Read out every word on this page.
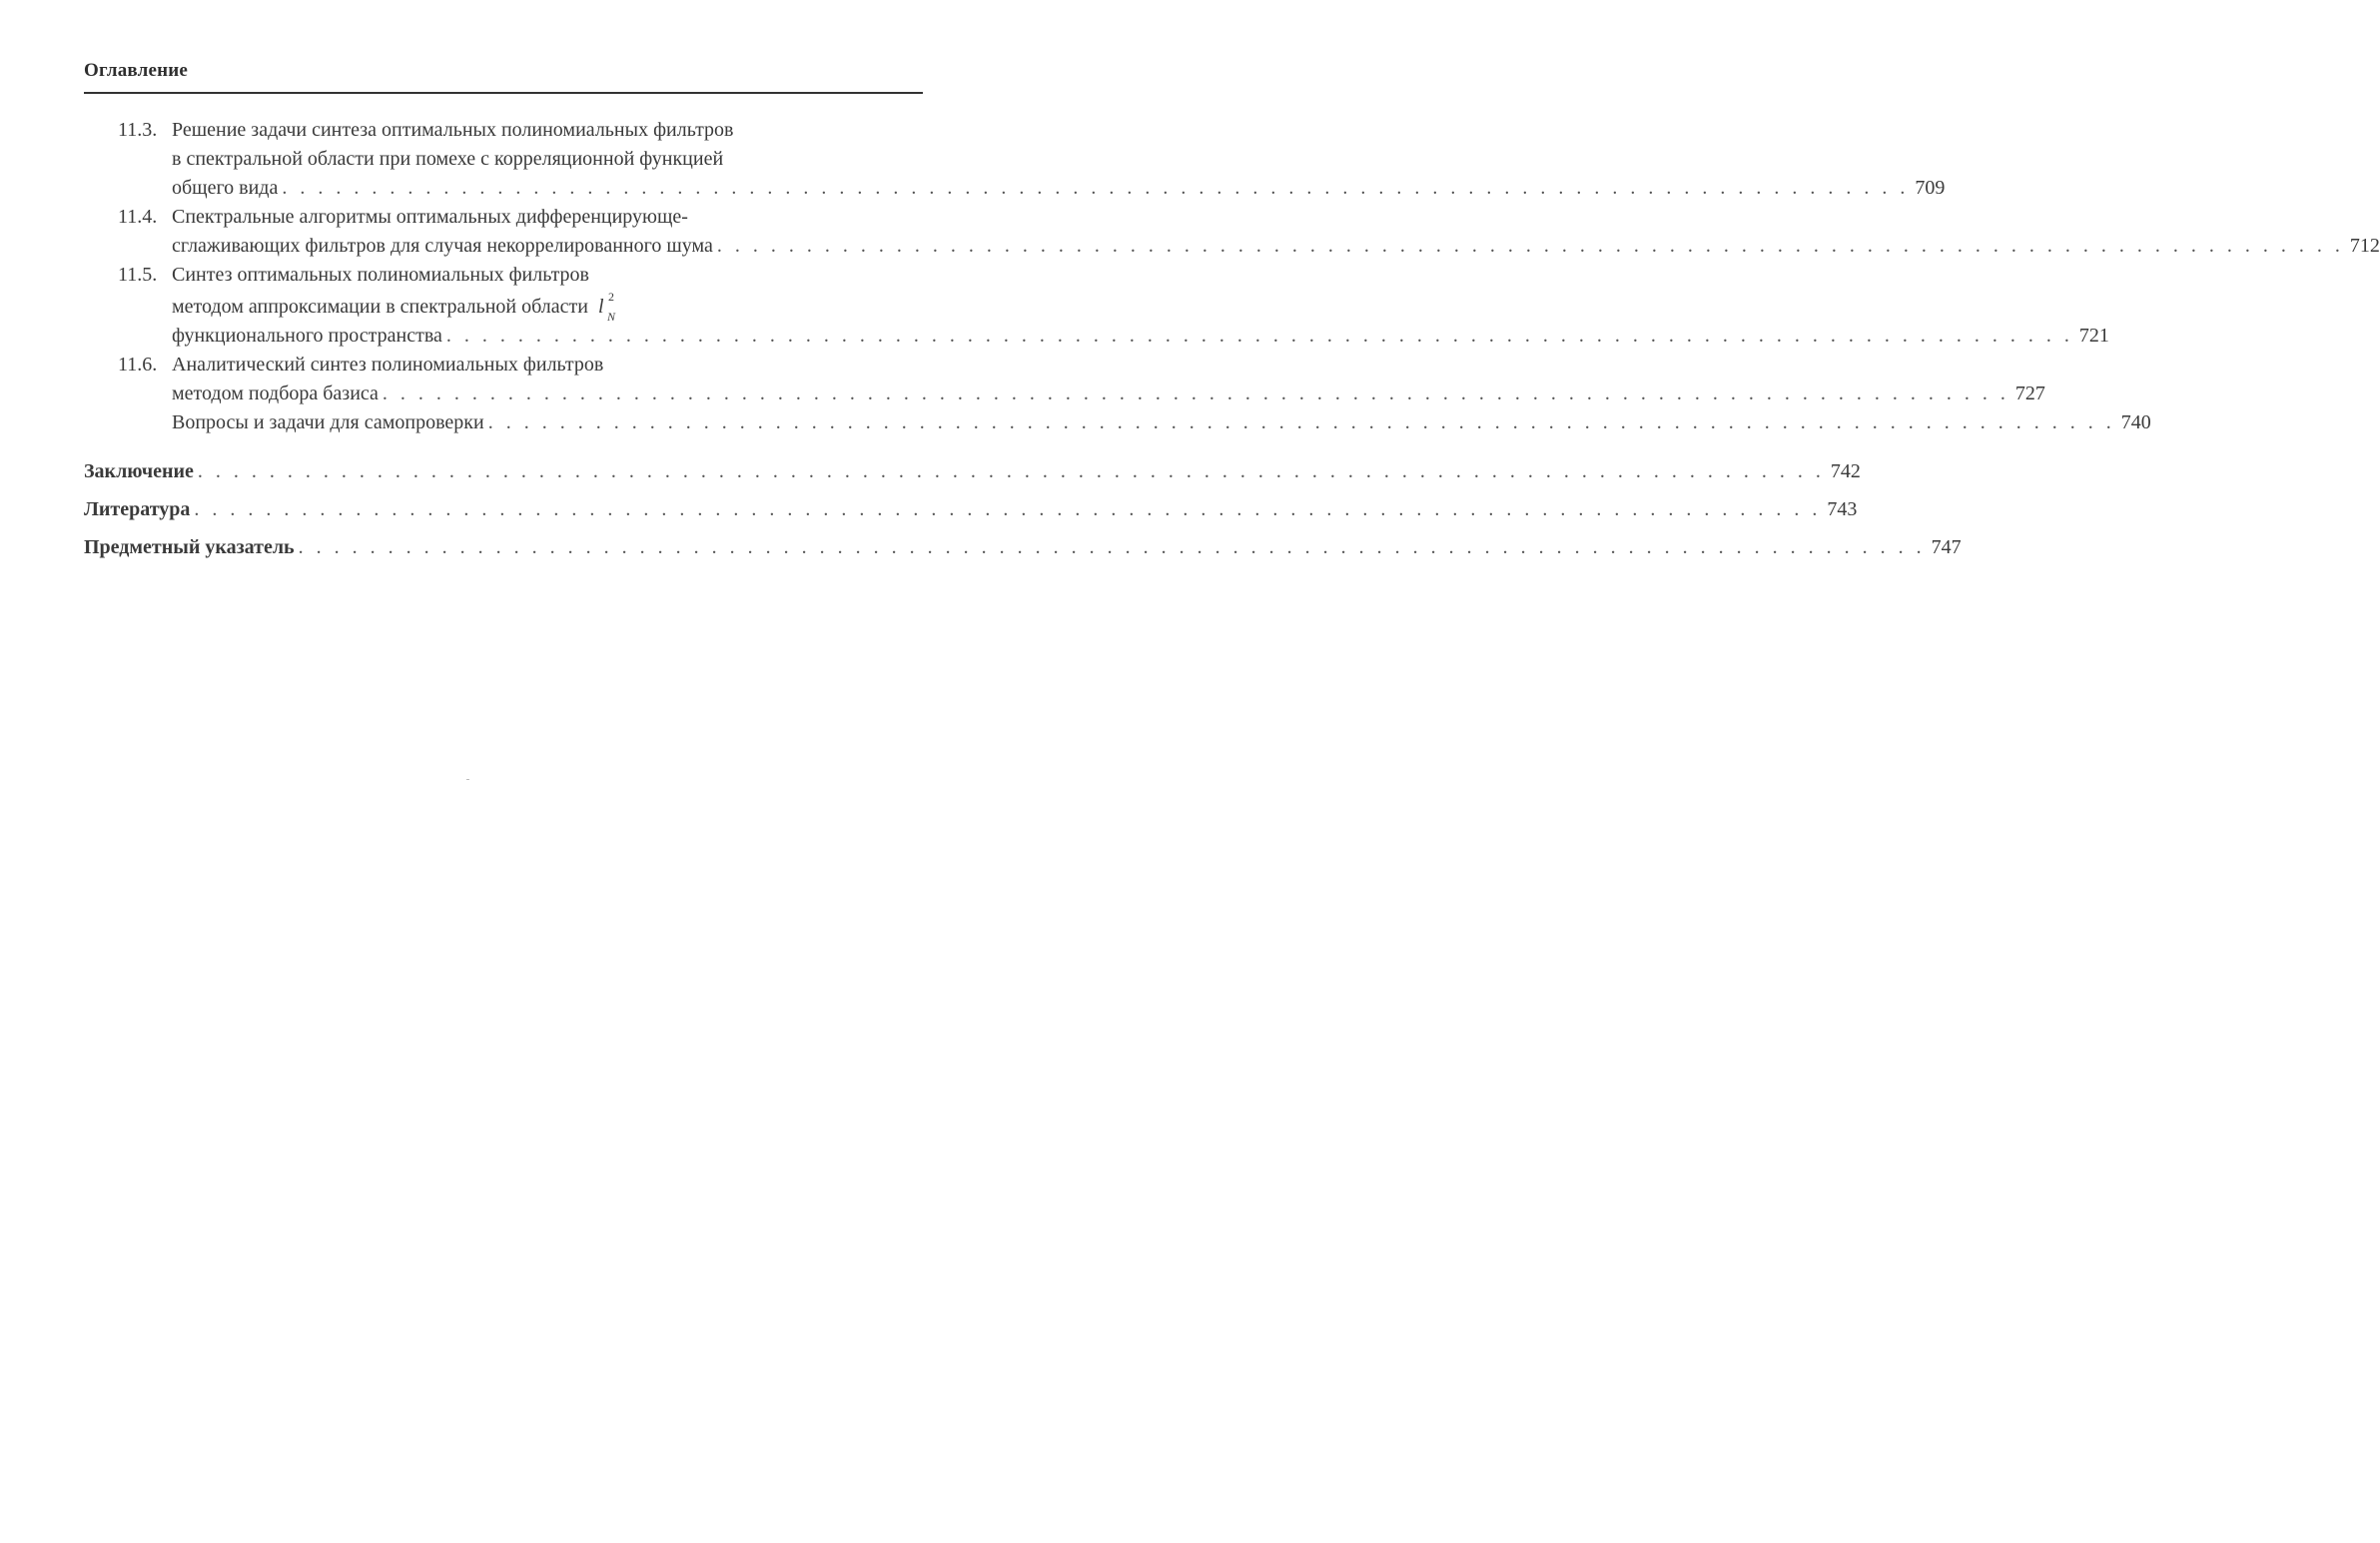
Оглавление
11.3. Решение задачи синтеза оптимальных полиномиальных фильтров
в спектральной области при помехе с корреляционной функцией
общего вида . . . . . . . . . . . . . . . . . . . . . . . . . . . . . . . . . . . . . . . . . . . . . . . . . . . . . . . . . . . . . . . . . . . . . . . . . . . . . . . . . . . . . . . . . . . 709
11.4. Спектральные алгоритмы оптимальных дифференцирующе-
сглаживающих фильтров для случая некоррелированного шума . . . . . . . . . . . . . . . . . . . . . . . . . . . . . . . . . . . . . . . . . . . . . . . . . . . . . . . . . . . . . . . . . . . . . . . . . . . . . . . . . . . . . . . . . . . 712
11.5. Синтез оптимальных полиномиальных фильтров
методом аппроксимации в спектральной области l 2
N
функционального пространства . . . . . . . . . . . . . . . . . . . . . . . . . . . . . . . . . . . . . . . . . . . . . . . . . . . . . . . . . . . . . . . . . . . . . . . . . . . . . . . . . . . . . . . . . . . 721
11.6. Аналитический синтез полиномиальных фильтров
методом подбора базиса . . . . . . . . . . . . . . . . . . . . . . . . . . . . . . . . . . . . . . . . . . . . . . . . . . . . . . . . . . . . . . . . . . . . . . . . . . . . . . . . . . . . . . . . . . . 727
Вопросы и задачи для самопроверки . . . . . . . . . . . . . . . . . . . . . . . . . . . . . . . . . . . . . . . . . . . . . . . . . . . . . . . . . . . . . . . . . . . . . . . . . . . . . . . . . . . . . . . . . . . 740
Заключение . . . . . . . . . . . . . . . . . . . . . . . . . . . . . . . . . . . . . . . . . . . . . . . . . . . . . . . . . . . . . . . . . . . . . . . . . . . . . . . . . . . . . . . . . . . 742
Литература . . . . . . . . . . . . . . . . . . . . . . . . . . . . . . . . . . . . . . . . . . . . . . . . . . . . . . . . . . . . . . . . . . . . . . . . . . . . . . . . . . . . . . . . . . . 743
Предметный указатель . . . . . . . . . . . . . . . . . . . . . . . . . . . . . . . . . . . . . . . . . . . . . . . . . . . . . . . . . . . . . . . . . . . . . . . . . . . . . . . . . . . . . . . . . . . 747
